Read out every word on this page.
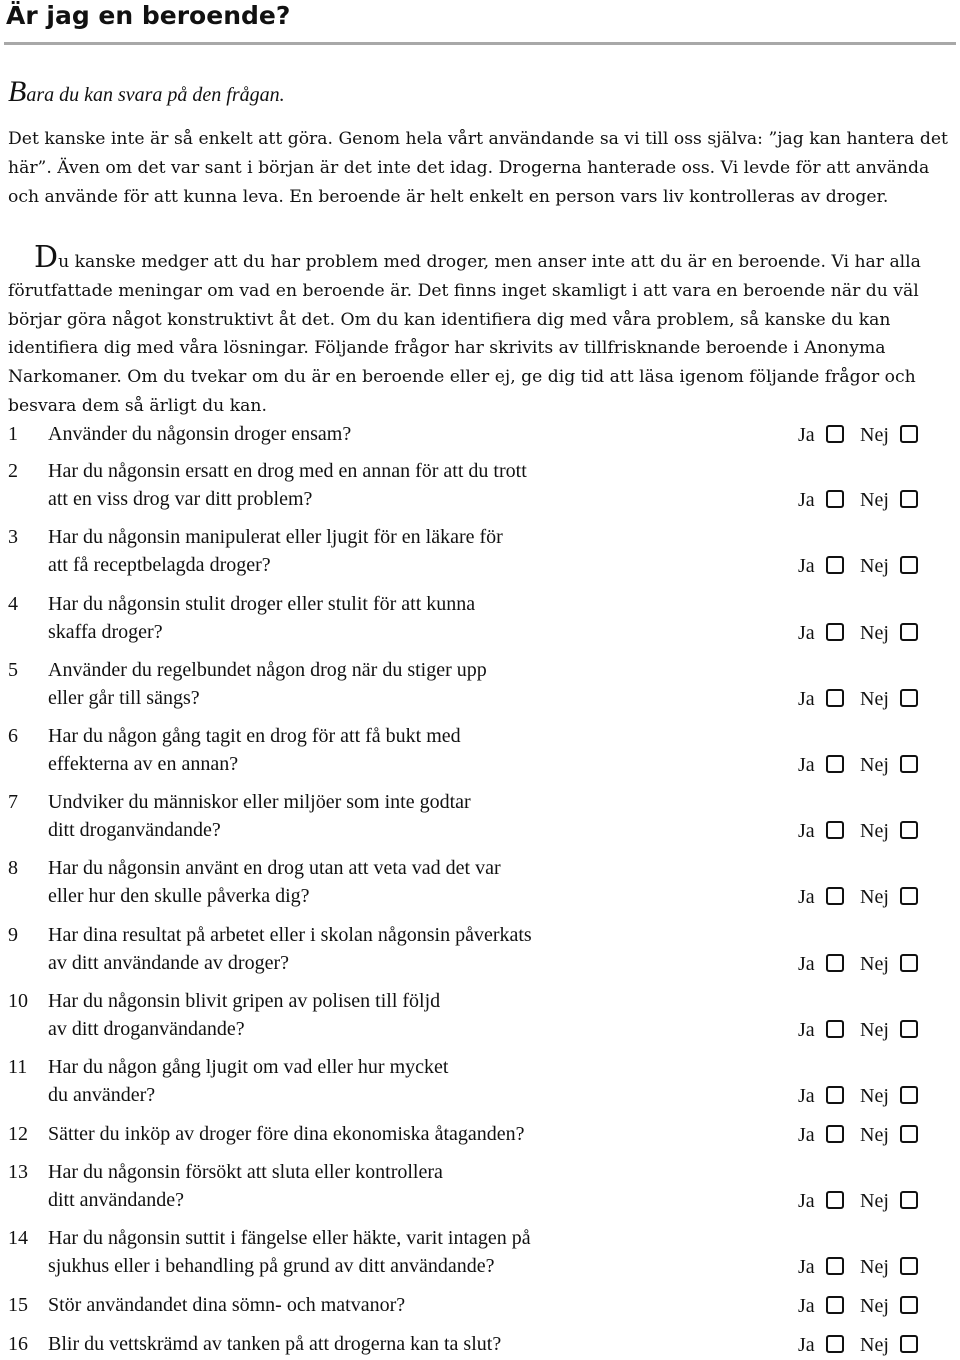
Är jag en beroende?

Bara du kan svara på den frågan.

Det kanske inte är så enkelt att göra. Genom hela vårt användande sa vi till oss själva: ”jag kan hantera det här”. Även om det var sant i början är det inte det idag. Drogerna hanterade oss. Vi levde för att använda och använde för att kunna leva. En beroende är helt enkelt en person vars liv kontrolleras av droger.

Du kanske medger att du har problem med droger, men anser inte att du är en beroende. Vi har alla förutfattade meningar om vad en beroende är. Det finns inget skamligt i att vara en beroende när du väl börjar göra något konstruktivt åt det. Om du kan identifiera dig med våra problem, så kanske du kan identifiera dig med våra lösningar. Följande frågor har skrivits av tillfrisknande beroende i Anonyma Narkomaner. Om du tvekar om du är en beroende eller ej, ge dig tid att läsa igenom följande frågor och besvara dem så ärligt du kan.

1	Använder du någonsin droger ensam?	Ja Nej
2	Har du någonsin ersatt en drog med en annan för att du trott
att en viss drog var ditt problem?	Ja Nej
3	Har du någonsin manipulerat eller ljugit för en läkare för
att få receptbelagda droger?	Ja Nej
4	Har du någonsin stulit droger eller stulit för att kunna
skaffa droger?	Ja Nej
5	Använder du regelbundet någon drog när du stiger upp
eller går till sängs?	Ja Nej
6	Har du någon gång tagit en drog för att få bukt med
effekterna av en annan?	Ja Nej
7	Undviker du människor eller miljöer som inte godtar
ditt droganvändande?	Ja Nej
8	Har du någonsin använt en drog utan att veta vad det var
eller hur den skulle påverka dig?	Ja Nej
9	Har dina resultat på arbetet eller i skolan någonsin påverkats
av ditt användande av droger?	Ja Nej
10	Har du någonsin blivit gripen av polisen till följd
av ditt droganvändande?	Ja Nej
11	Har du någon gång ljugit om vad eller hur mycket
du använder?	Ja Nej
12	Sätter du inköp av droger före dina ekonomiska åtaganden?	Ja Nej
13	Har du någonsin försökt att sluta eller kontrollera
ditt användande?	Ja Nej
14	Har du någonsin suttit i fängelse eller häkte, varit intagen på
sjukhus eller i behandling på grund av ditt användande?	Ja Nej
15	Stör användandet dina sömn- och matvanor?	Ja Nej
16	Blir du vettskrämd av tanken på att drogerna kan ta slut?	Ja Nej
